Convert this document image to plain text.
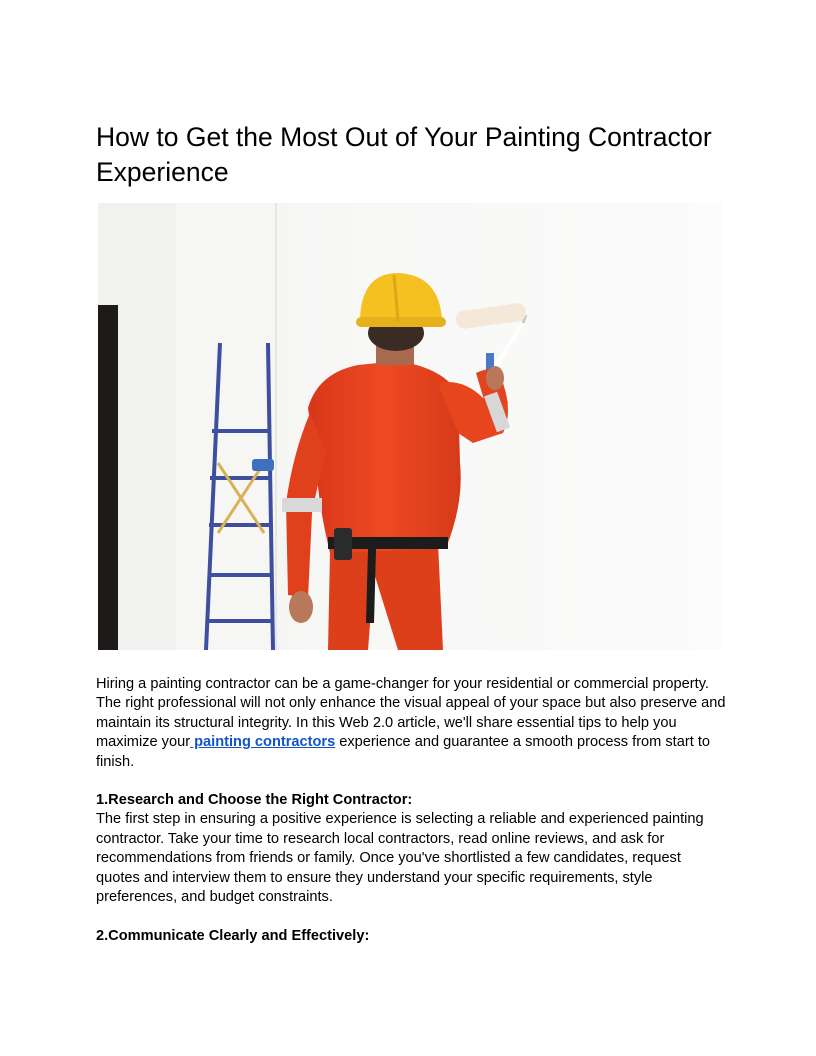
How to Get the Most Out of Your Painting Contractor Experience

Hiring a painting contractor can be a game-changer for your residential or commercial property. The right professional will not only enhance the visual appeal of your space but also preserve and maintain its structural integrity. In this Web 2.0 article, we'll share essential tips to help you maximize your painting contractors experience and guarantee a smooth process from start to finish.

1.Research and Choose the Right Contractor:
The first step in ensuring a positive experience is selecting a reliable and experienced painting contractor. Take your time to research local contractors, read online reviews, and ask for recommendations from friends or family. Once you've shortlisted a few candidates, request quotes and interview them to ensure they understand your specific requirements, style preferences, and budget constraints.
2.Communicate Clearly and Effectively:
